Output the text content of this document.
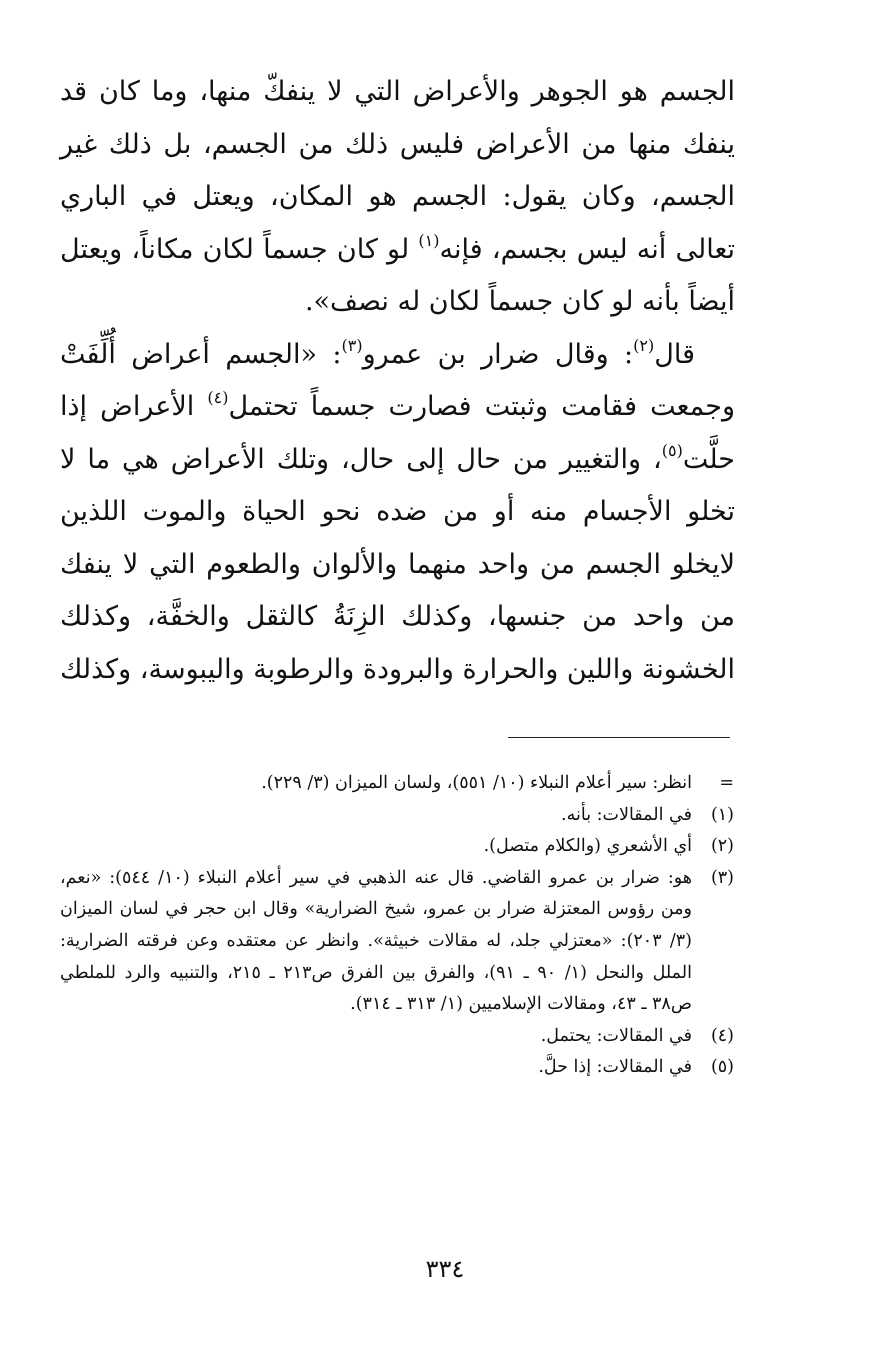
الجسم هو الجوهر والأعراض التي لا ينفكّ منها، وما كان قد ينفك منها من الأعراض فليس ذلك من الجسم، بل ذلك غير الجسم، وكان يقول: الجسم هو المكان، ويعتل في الباري تعالى أنه ليس بجسم، فإنه$^{(١)}$ لو كان جسماً لكان مكاناً، ويعتل أيضاً بأنه لو كان جسماً لكان له نصف».

قال$^{(٢)}$: وقال ضرار بن عمرو$^{(٣)}$: «الجسم أعراض أُلِّفَتْ وجمعت فقامت وثبتت فصارت جسماً تحتمل$^{(٤)}$ الأعراض إذا حلَّت$^{(٥)}$، والتغيير من حال إلى حال، وتلك الأعراض هي ما لا تخلو الأجسام منه أو من ضده نحو الحياة والموت اللذين لايخلو الجسم من واحد منهما والألوان والطعوم التي لا ينفك من واحد من جنسها، وكذلك الزِنَةُ كالثقل والخفَّة، وكذلك الخشونة واللين والحرارة والبرودة والرطوبة واليبوسة، وكذلك

=
انظر: سير أعلام النبلاء (١٠/ ٥٥١)، ولسان الميزان (٣/ ٢٢٩).
(١)
في المقالات: بأنه.
(٢)
أي الأشعري (والكلام متصل).
(٣)
هو: ضرار بن عمرو القاضي. قال عنه الذهبي في سير أعلام النبلاء (١٠/ ٥٤٤): «نعم، ومن رؤوس المعتزلة ضرار بن عمرو، شيخ الضرارية» وقال ابن حجر في لسان الميزان (٣/ ٢٠٣): «معتزلي جلد، له مقالات خبيثة». وانظر عن معتقده وعن فرقته الضرارية: الملل والنحل (١/ ٩٠ ـ ٩١)، والفرق بين الفرق ص٢١٣ ـ ٢١٥، والتنبيه والرد للملطي ص٣٨ ـ ٤٣، ومقالات الإسلاميين (١/ ٣١٣ ـ ٣١٤).
(٤)
في المقالات: يحتمل.
(٥)
في المقالات: إذا حلَّ.
٣٣٤
